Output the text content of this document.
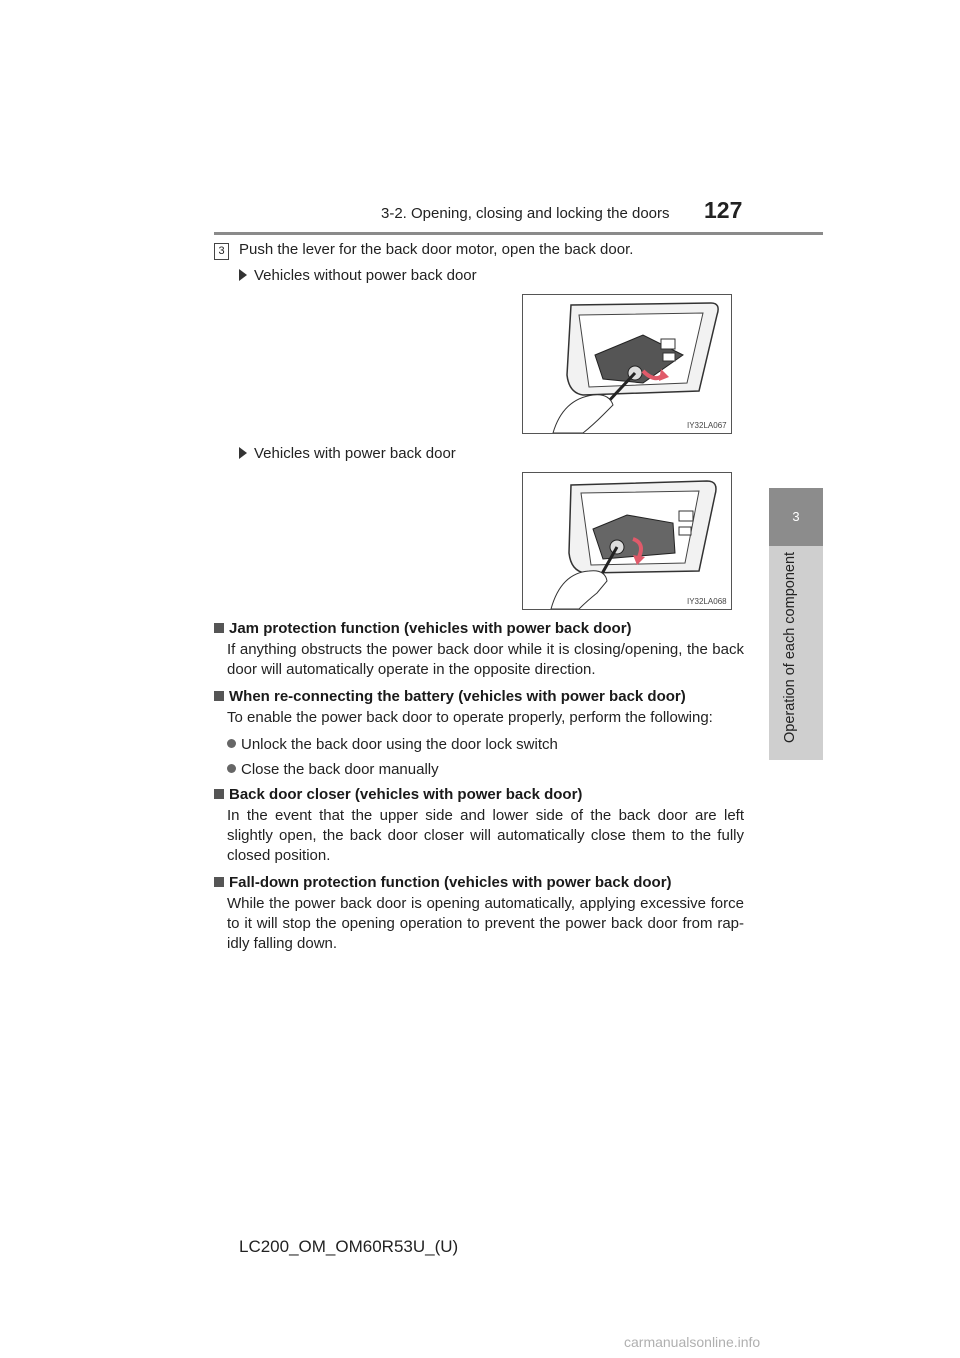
3-2. Opening, closing and locking the doors 127
3
Operation of each component
3 Push the lever for the back door motor, open the back door.
Vehicles without power back door
IY32LA067
Vehicles with power back door
IY32LA068
Jam protection function (vehicles with power back door)
If anything obstructs the power back door while it is closing/opening, the back door will automatically operate in the opposite direction.
When re-connecting the battery (vehicles with power back door)
To enable the power back door to operate properly, perform the following:
Unlock the back door using the door lock switch
Close the back door manually
Back door closer (vehicles with power back door)
In the event that the upper side and lower side of the back door are left slightly open, the back door closer will automatically close them to the fully closed position.
Fall-down protection function (vehicles with power back door)
While the power back door is opening automatically, applying excessive force to it will stop the opening operation to prevent the power back door from rap-idly falling down.
LC200_OM_OM60R53U_(U)
carmanualsonline.info
